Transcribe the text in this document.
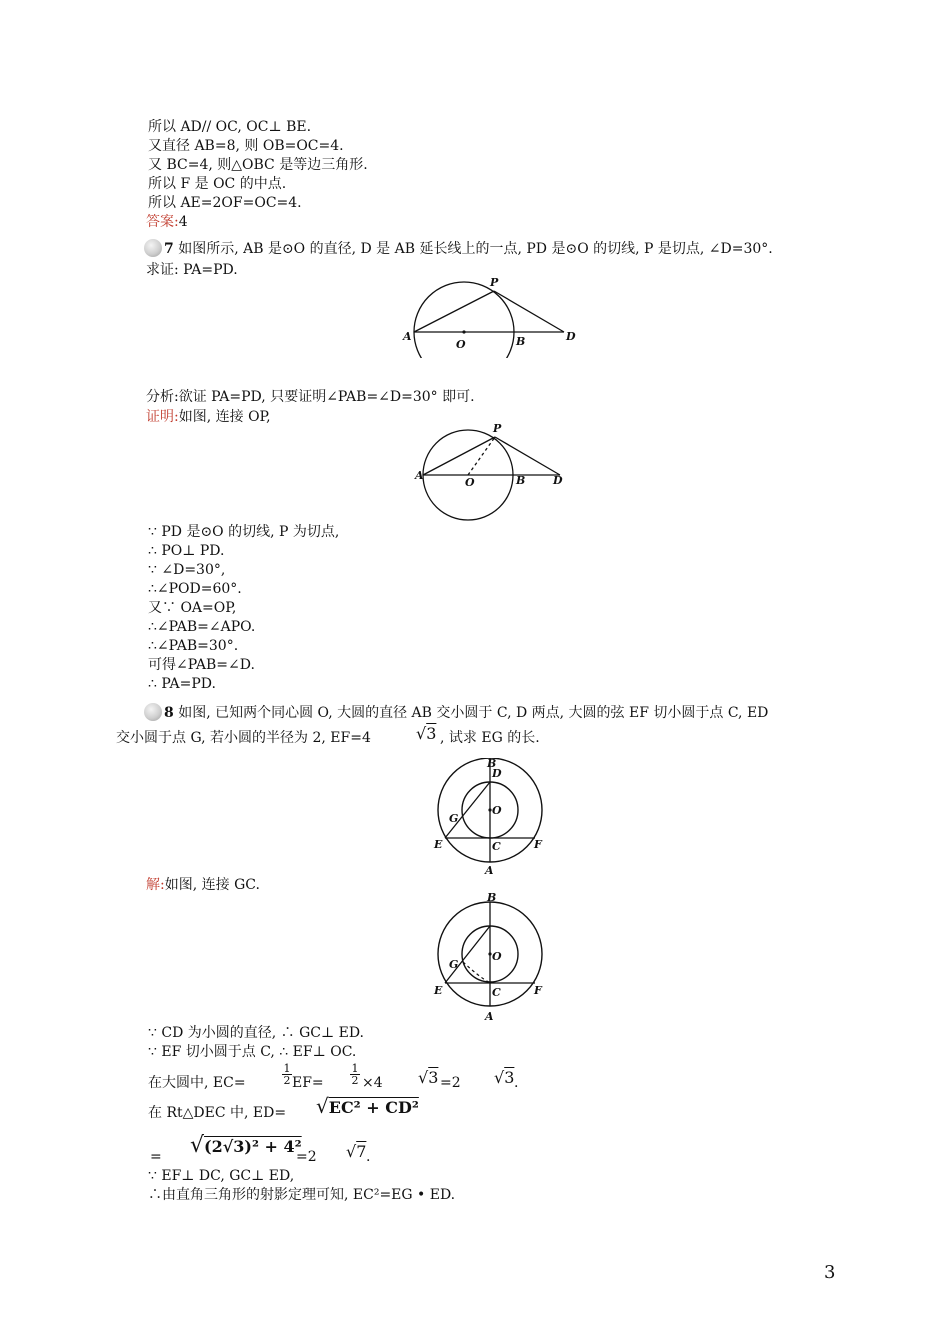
所以 AD// OC, OC⊥ BE.
又直径 AB=8, 则 OB=OC=4.
又 BC=4, 则△OBC 是等边三角形.
所以 F 是 OC 的中点.
所以 AE=2OF=OC=4.
答案:4
7 如图所示, AB 是⊙O 的直径, D 是 AB 延长线上的一点, PD 是⊙O 的切线, P 是切点, ∠D=30°.
求证: PA=PD.
A
O	B	D
P
分析:欲证 PA=PD, 只要证明∠PAB=∠D=30° 即可.
证明:如图, 连接 OP,
A
O	B	D
P
∵ PD 是⊙O 的切线, P 为切点,
∴ PO⊥ PD.
∵ ∠D=30°,
∴∠POD=60°.
又∵ OA=OP,
∴∠PAB=∠APO.
∴∠PAB=30°.
可得∠PAB=∠D.
∴ PA=PD.
8 如图, 已知两个同心圆 O, 大圆的直径 AB 交小圆于 C, D 两点, 大圆的弦 EF 切小圆于点 C, ED
交小圆于点 G, 若小圆的半径为 2, EF=4	√3 , 试求 EG 的长.
B
D
O
G
E	C	F
A
解:如图, 连接 GC.
B
O
G
E	C	F
A
∵ CD 为小圆的直径, ∴ GC⊥ ED.
∵ EF 切小圆于点 C, ∴ EF⊥ OC.
在大圆中, EC=	$\frac{1}{2} EF= \frac{1}{2} \times 4$ √3 =2 √3 .
在 Rt△DEC 中, ED= √EC² + CD²
= √(2√3)² + 4²
=2 √7 .
∵ EF⊥ DC, GC⊥ ED,
∴由直角三角形的射影定理可知, EC²=EG • ED.
3
